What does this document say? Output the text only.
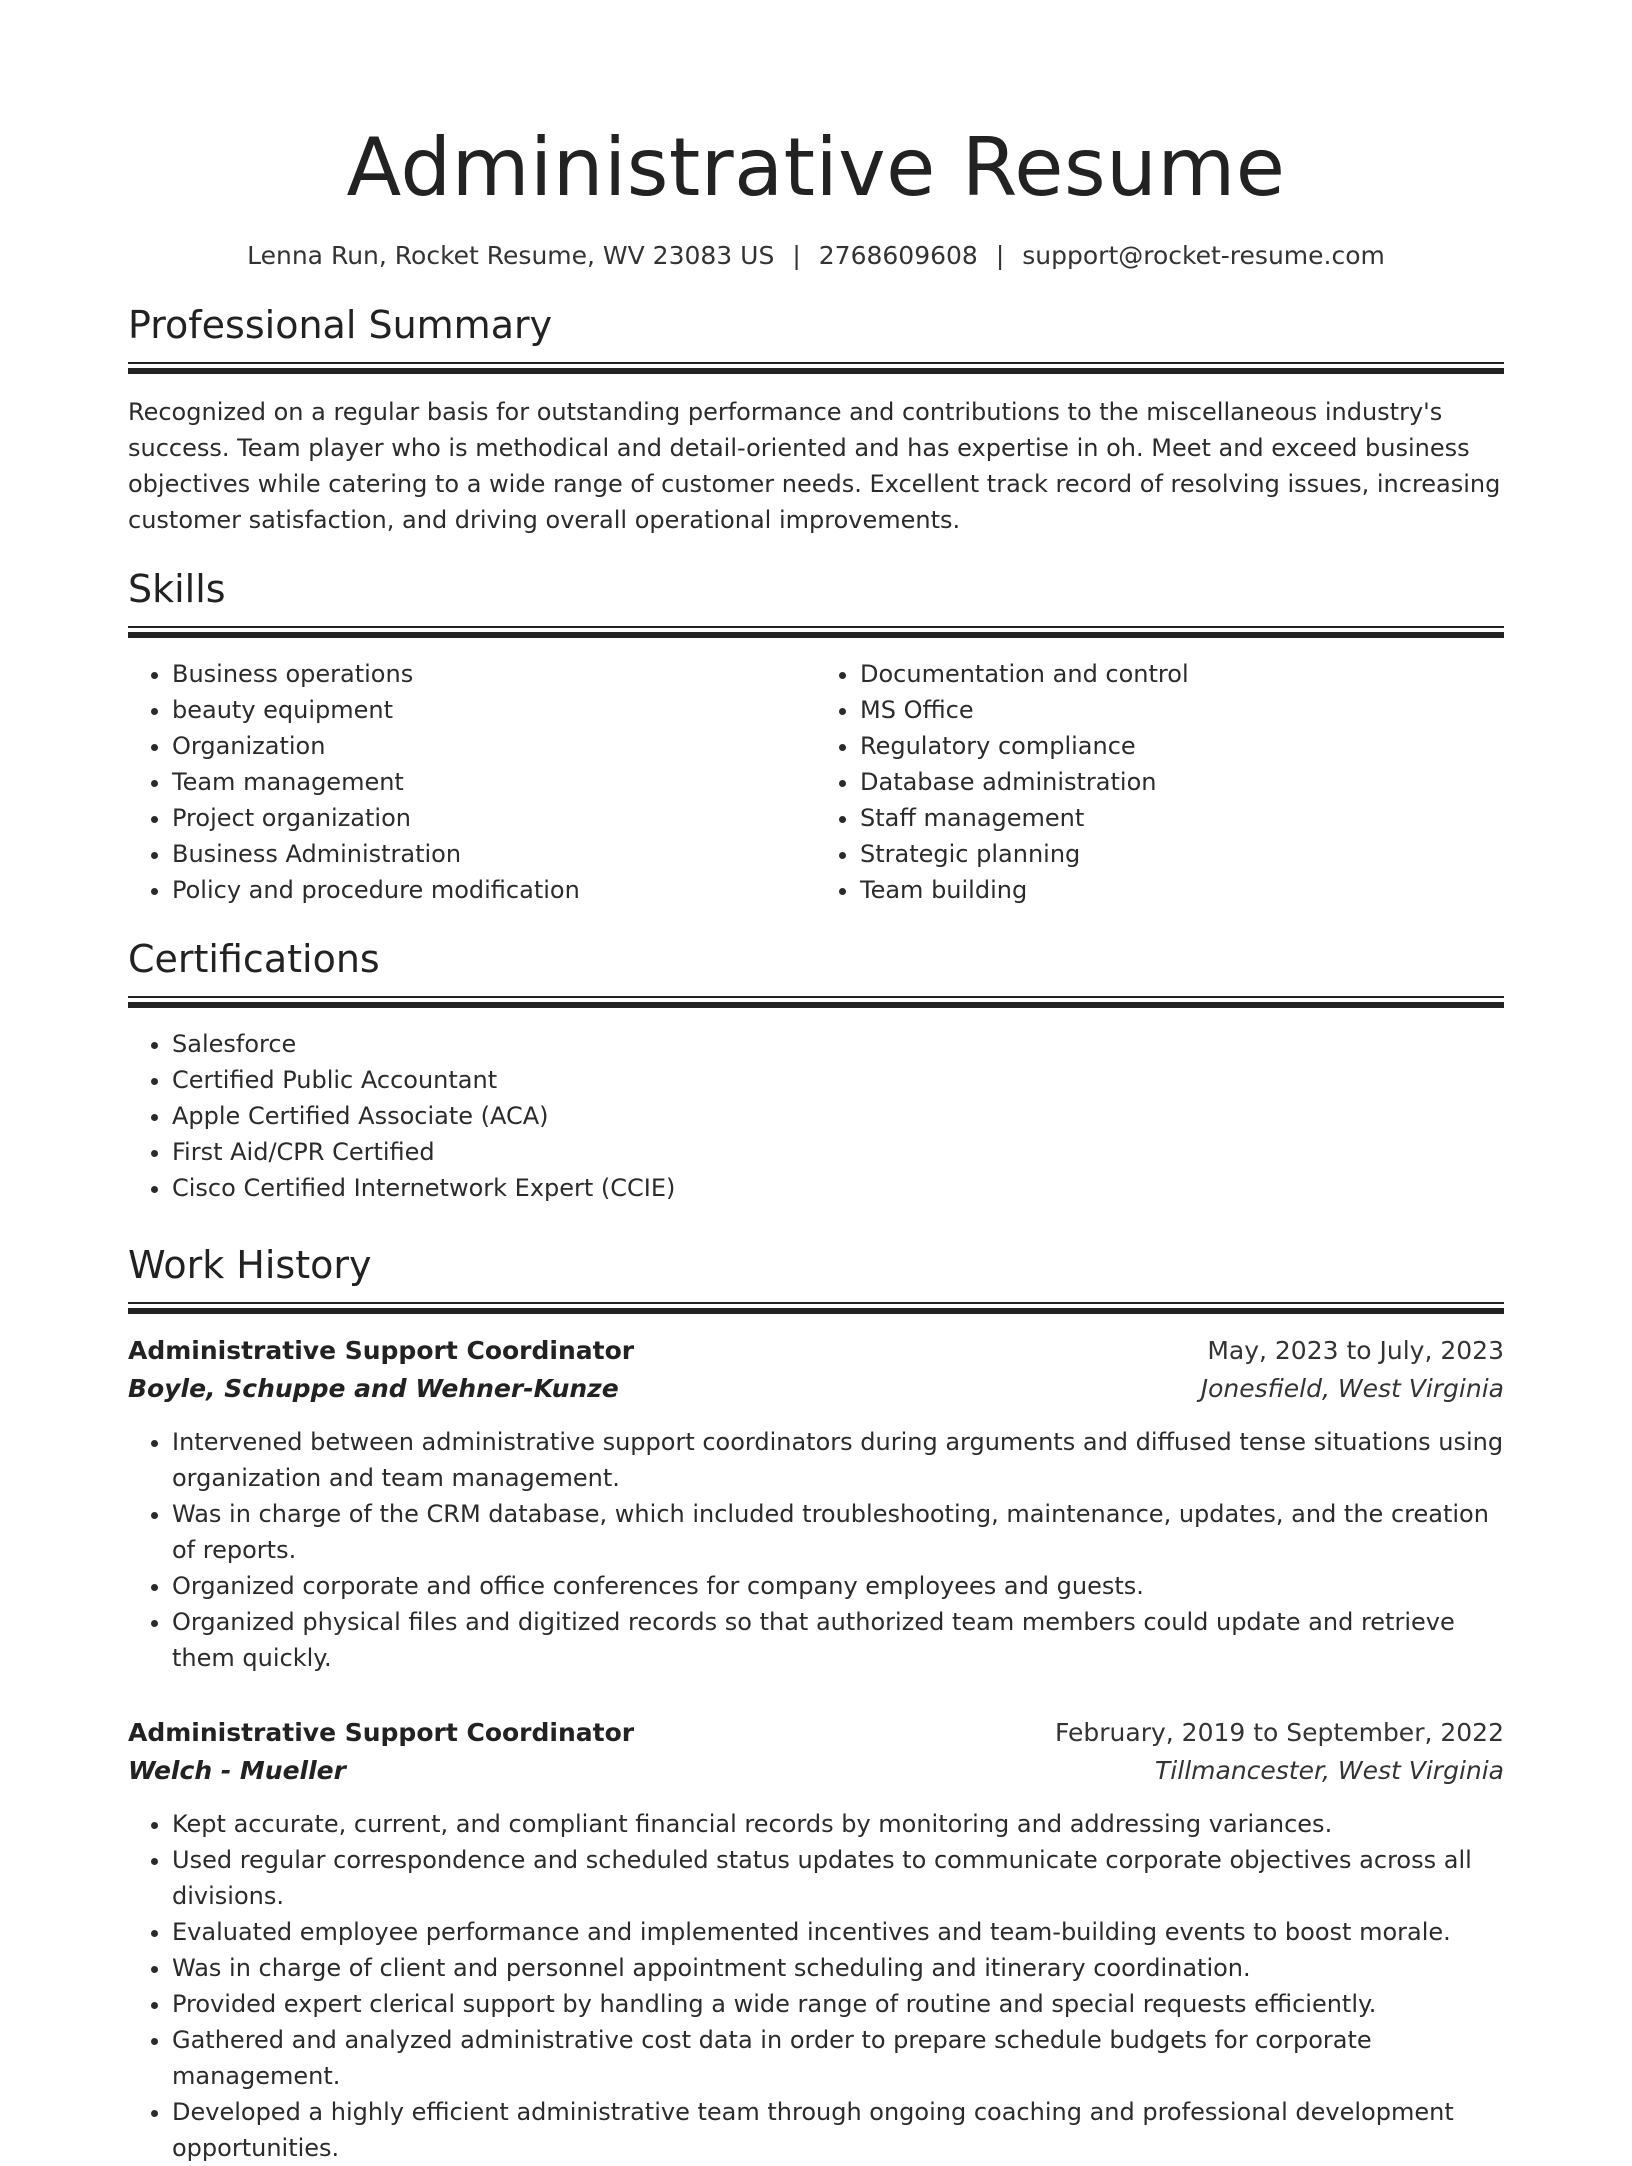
Administrative Resume
Lenna Run, Rocket Resume, WV 23083 US | 2768609608 | support@rocket-resume.com
Professional Summary

Recognized on a regular basis for outstanding performance and contributions to the miscellaneous industry's success. Team player who is methodical and detail-oriented and has expertise in oh. Meet and exceed business objectives while catering to a wide range of customer needs. Excellent track record of resolving issues, increasing customer satisfaction, and driving overall operational improvements.

Skills
• Business operations
• beauty equipment
• Organization
• Team management
• Project organization
• Business Administration
• Policy and procedure modification
• Documentation and control
• MS Office
• Regulatory compliance
• Database administration
• Staff management
• Strategic planning
• Team building
Certifications
• Salesforce
• Certified Public Accountant
• Apple Certified Associate (ACA)
• First Aid/CPR Certified
• Cisco Certified Internetwork Expert (CCIE)
Work History
Administrative Support Coordinator	May, 2023 to July, 2023
Boyle, Schuppe and Wehner-Kunze	Jonesfield, West Virginia
• Intervened between administrative support coordinators during arguments and diffused tense situations using organization and team management.
• Was in charge of the CRM database, which included troubleshooting, maintenance, updates, and the creation of reports.
• Organized corporate and office conferences for company employees and guests.
• Organized physical files and digitized records so that authorized team members could update and retrieve them quickly.
Administrative Support Coordinator	February, 2019 to September, 2022
Welch - Mueller	Tillmancester, West Virginia
• Kept accurate, current, and compliant financial records by monitoring and addressing variances.
• Used regular correspondence and scheduled status updates to communicate corporate objectives across all divisions.
• Evaluated employee performance and implemented incentives and team-building events to boost morale.
• Was in charge of client and personnel appointment scheduling and itinerary coordination.
• Provided expert clerical support by handling a wide range of routine and special requests efficiently.
• Gathered and analyzed administrative cost data in order to prepare schedule budgets for corporate management.
• Developed a highly efficient administrative team through ongoing coaching and professional development opportunities.
